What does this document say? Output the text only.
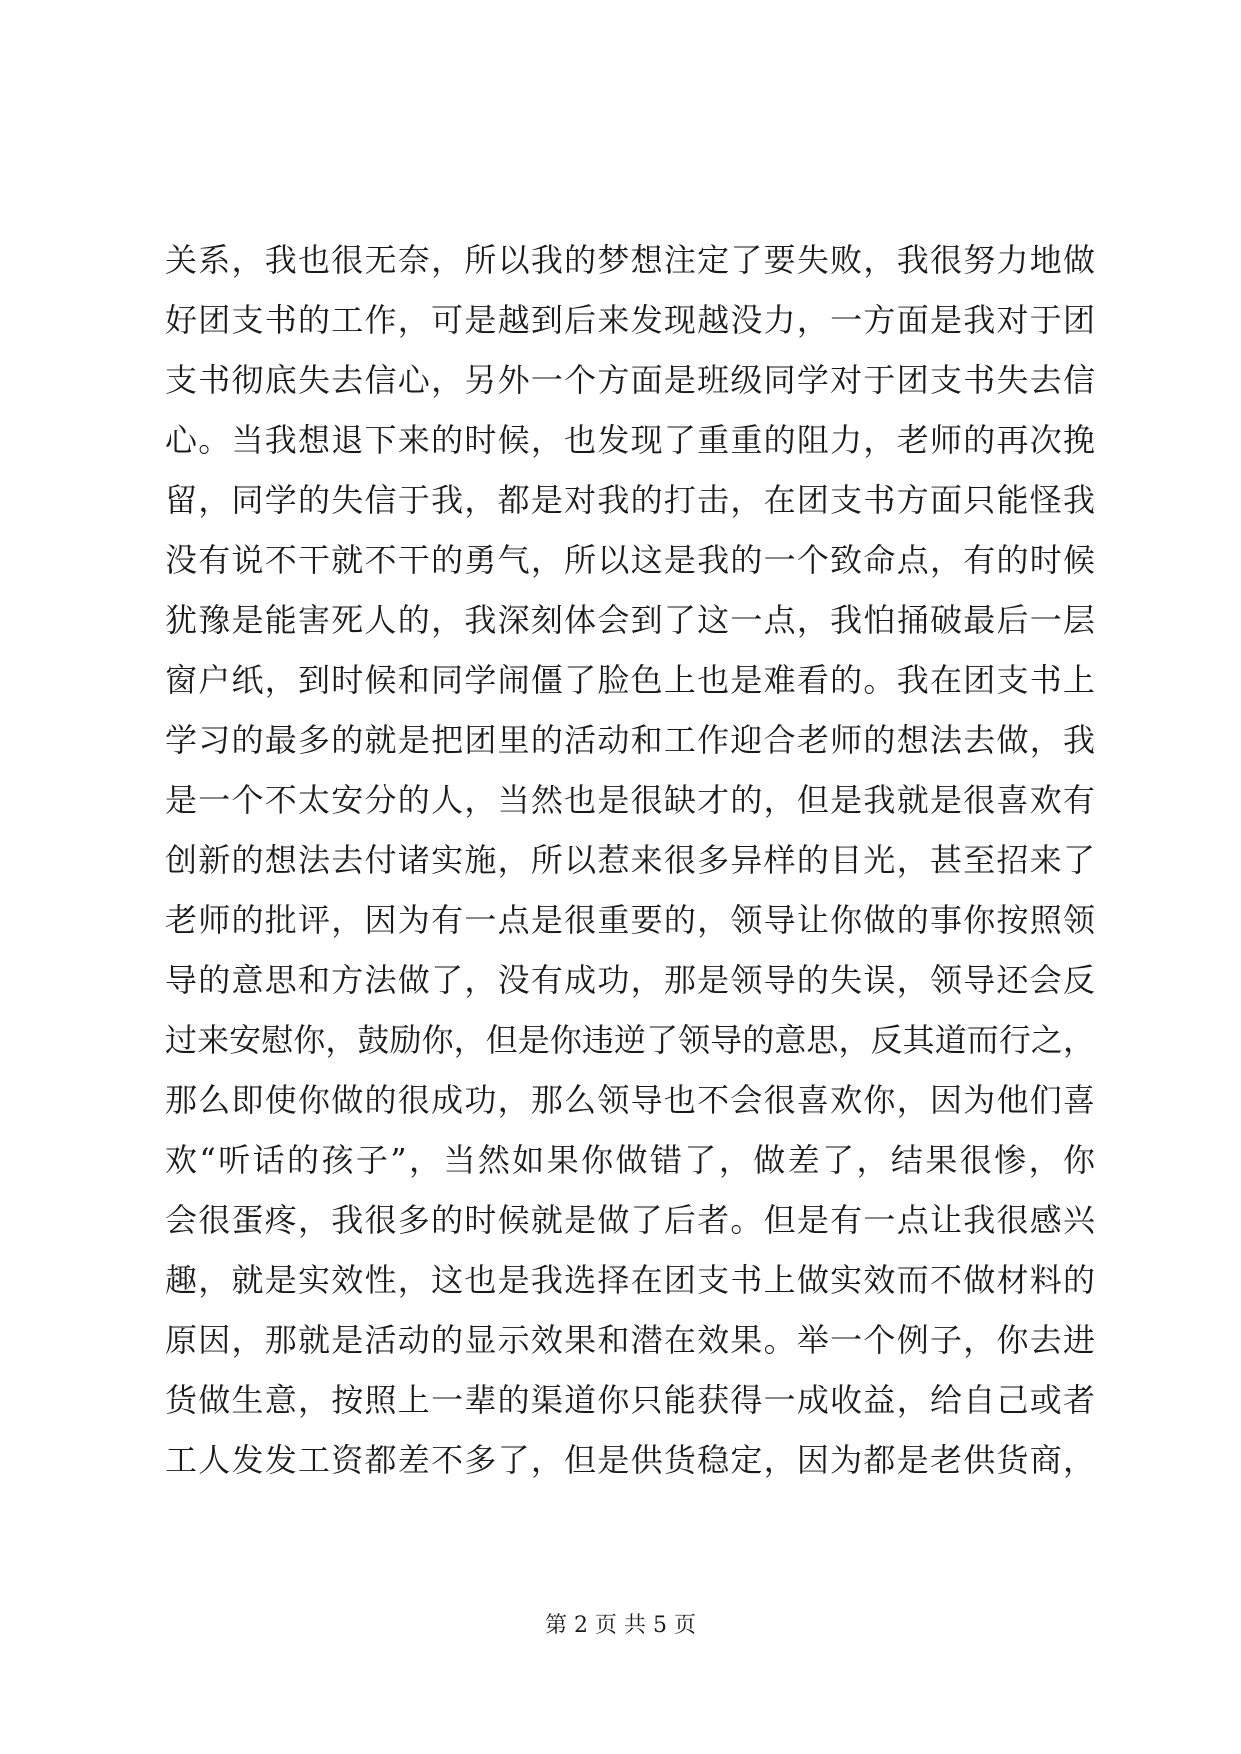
关系，我也很无奈，所以我的梦想注定了要失败，我很努力地做
好团支书的工作，可是越到后来发现越没力，一方面是我对于团
支书彻底失去信心，另外一个方面是班级同学对于团支书失去信
心。当我想退下来的时候，也发现了重重的阻力，老师的再次挽
留，同学的失信于我，都是对我的打击，在团支书方面只能怪我
没有说不干就不干的勇气，所以这是我的一个致命点，有的时候
犹豫是能害死人的，我深刻体会到了这一点，我怕捅破最后一层
窗户纸，到时候和同学闹僵了脸色上也是难看的。我在团支书上
学习的最多的就是把团里的活动和工作迎合老师的想法去做，我
是一个不太安分的人，当然也是很缺才的，但是我就是很喜欢有
创新的想法去付诸实施，所以惹来很多异样的目光，甚至招来了
老师的批评，因为有一点是很重要的，领导让你做的事你按照领
导的意思和方法做了，没有成功，那是领导的失误，领导还会反
过来安慰你，鼓励你，但是你违逆了领导的意思，反其道而行之，
那么即使你做的很成功，那么领导也不会很喜欢你，因为他们喜
欢“听话的孩子”，当然如果你做错了，做差了，结果很惨，你
会很蛋疼，我很多的时候就是做了后者。但是有一点让我很感兴
趣，就是实效性，这也是我选择在团支书上做实效而不做材料的
原因，那就是活动的显示效果和潜在效果。举一个例子，你去进
货做生意，按照上一辈的渠道你只能获得一成收益，给自己或者
工人发发工资都差不多了，但是供货稳定，因为都是老供货商，
第 2 页 共 5 页
